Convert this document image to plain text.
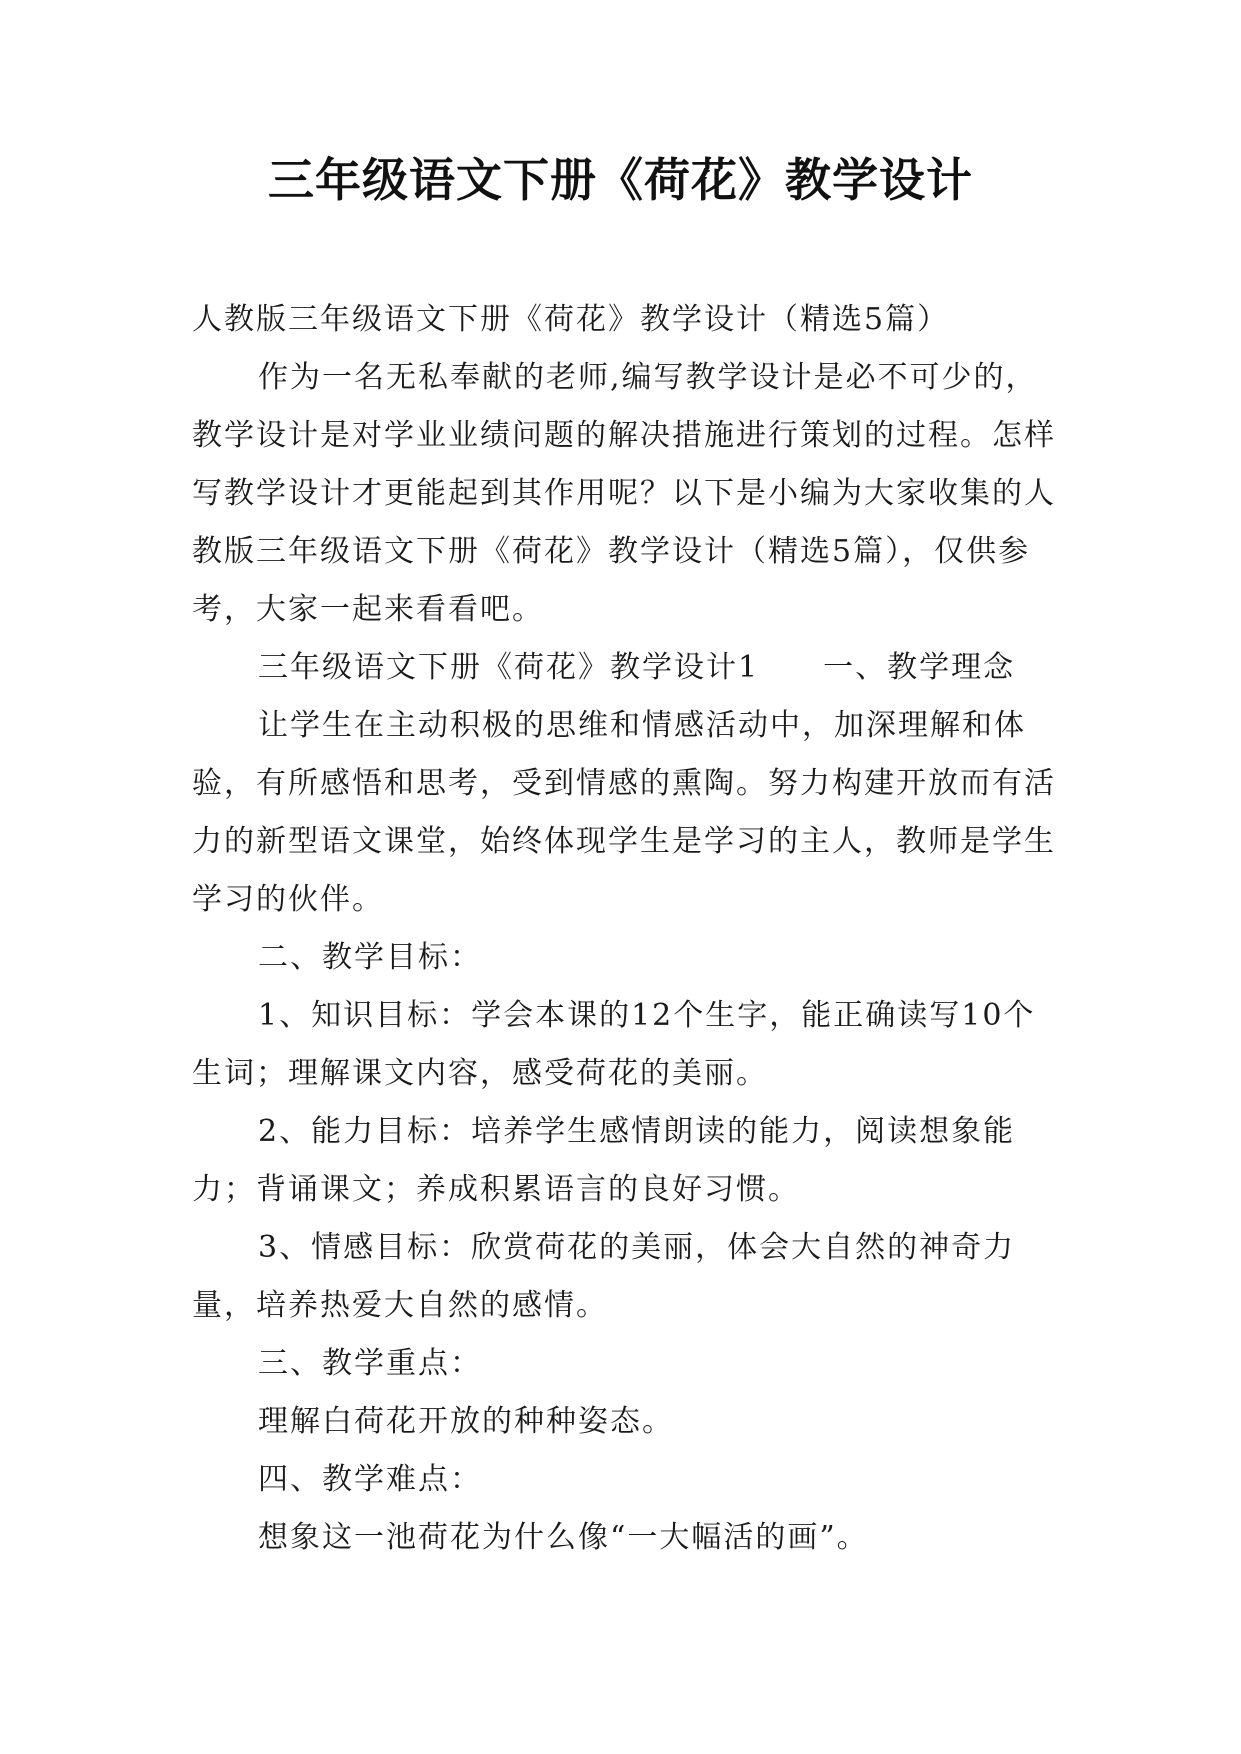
三年级语文下册《荷花》教学设计

人教版三年级语文下册《荷花》教学设计（精选5篇）

作为一名无私奉献的老师,编写教学设计是必不可少的，教学设计是对学业业绩问题的解决措施进行策划的过程。怎样写教学设计才更能起到其作用呢？以下是小编为大家收集的人教版三年级语文下册《荷花》教学设计（精选5篇），仅供参考，大家一起来看看吧。

三年级语文下册《荷花》教学设计1 一、教学理念

让学生在主动积极的思维和情感活动中，加深理解和体验，有所感悟和思考，受到情感的熏陶。努力构建开放而有活力的新型语文课堂，始终体现学生是学习的主人，教师是学生学习的伙伴。

二、教学目标：

1、知识目标：学会本课的12个生字，能正确读写10个生词；理解课文内容，感受荷花的美丽。

2、能力目标：培养学生感情朗读的能力，阅读想象能力；背诵课文；养成积累语言的良好习惯。

3、情感目标：欣赏荷花的美丽，体会大自然的神奇力量，培养热爱大自然的感情。

三、教学重点：

理解白荷花开放的种种姿态。

四、教学难点：

想象这一池荷花为什么像“一大幅活的画”。
